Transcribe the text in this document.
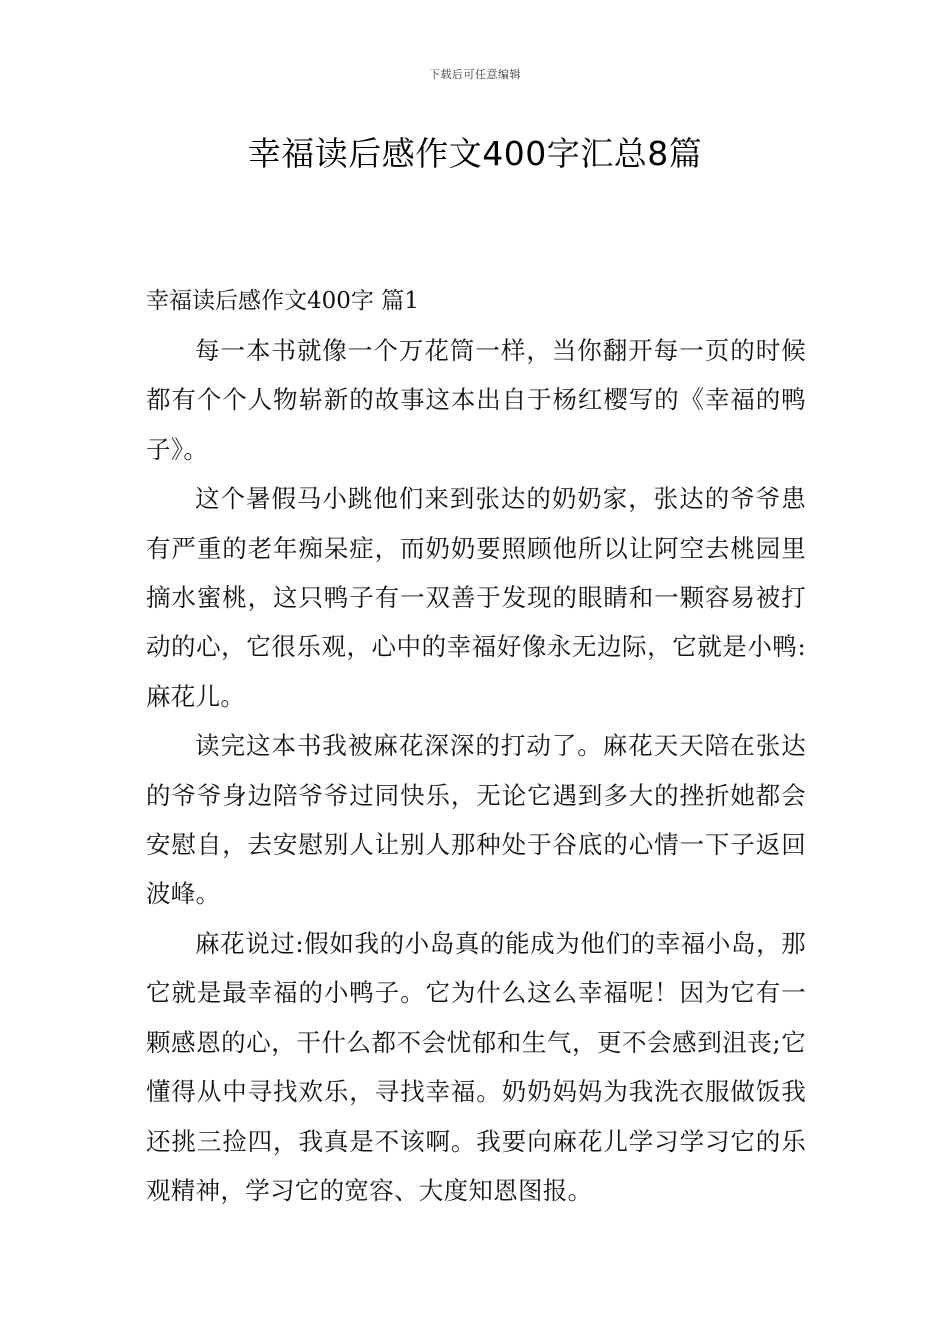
下载后可任意编辑
幸福读后感作文400字汇总8篇

幸福读后感作文400字 篇1

每一本书就像一个万花筒一样，当你翻开每一页的时候都有个个人物崭新的故事这本出自于杨红樱写的《幸福的鸭子》。

这个暑假马小跳他们来到张达的奶奶家，张达的爷爷患有严重的老年痴呆症，而奶奶要照顾他所以让阿空去桃园里摘水蜜桃，这只鸭子有一双善于发现的眼睛和一颗容易被打动的心，它很乐观，心中的幸福好像永无边际，它就是小鸭:麻花儿。

读完这本书我被麻花深深的打动了。麻花天天陪在张达的爷爷身边陪爷爷过同快乐，无论它遇到多大的挫折她都会安慰自，去安慰别人让别人那种处于谷底的心情一下子返回波峰。

麻花说过:假如我的小岛真的能成为他们的幸福小岛，那它就是最幸福的小鸭子。它为什么这么幸福呢！因为它有一颗感恩的心，干什么都不会忧郁和生气，更不会感到沮丧;它懂得从中寻找欢乐，寻找幸福。奶奶妈妈为我洗衣服做饭我还挑三捡四，我真是不该啊。我要向麻花儿学习学习它的乐观精神，学习它的宽容、大度知恩图报。
